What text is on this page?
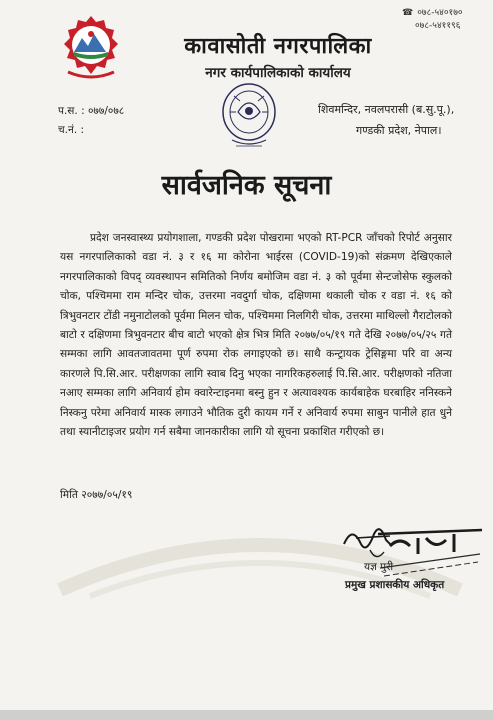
☎ ०७८-५४०१७०
०७८-५४११९६
कावासोती नगरपालिका
नगर कार्यपालिकाको कार्यालय
प.स. : ०७७/०७८
च.नं. :
शिवमन्दिर, नवलपरासी (ब.सु.पू.),
गण्डकी प्रदेश, नेपाल।
सार्वजनिक सूचना
प्रदेश जनस्वास्थ्य प्रयोगशाला, गण्डकी प्रदेश पोखरामा भएको RT-PCR जाँचको रिपोर्ट अनुसार यस नगरपालिकाको वडा नं. ३ र १६ मा कोरोना भाईरस (COVID-19)को संक्रमण देखिएकाले नगरपालिकाको विपद् व्यवस्थापन समितिको निर्णय बमोजिम वडा नं. ३ को पूर्वमा सेन्टजोसेफ स्कुलको चोक, पश्चिममा राम मन्दिर चोक, उत्तरमा नवदुर्गा चोक, दक्षिणमा थकाली चोक र वडा नं. १६ को त्रिभुवनटार टोंडी नमुनाटोलको पूर्वमा मिलन चोक, पश्चिममा निलगिरी चोक, उत्तरमा माथिल्लो गैराटोलको बाटो र दक्षिणमा त्रिभुवनटार बीच बाटो भएको क्षेत्र भित्र मिति २०७७/०५/१९ गते देखि २०७७/०५/२५ गते सम्मका लागि आवतजावतमा पूर्ण रुपमा रोक लगाइएको छ। साथै कन्ट्रायक ट्रेसिङ्गमा परि वा अन्य कारणले पि.सि.आर. परीक्षणका लागि स्वाब दिनु भएका नागरिकहरुलाई पि.सि.आर. परीक्षणको नतिजा नआए सम्मका लागि अनिवार्य होम क्वारेन्टाइनमा बस्नु हुन र अत्यावश्यक कार्यबाहेक घरबाहिर ननिस्कने निस्कनु परेमा अनिवार्य मास्क लगाउने भौतिक दुरी कायम गर्ने र अनिवार्य रुपमा साबुन पानीले हात धुने तथा स्यानीटाइजर प्रयोग गर्न सबैमा जानकारीका लागि यो सूचना प्रकाशित गरीएको छ।
मिति २०७७/०५/१९
यज्ञ पुरी
प्रमुख प्रशासकीय अधिकृत
